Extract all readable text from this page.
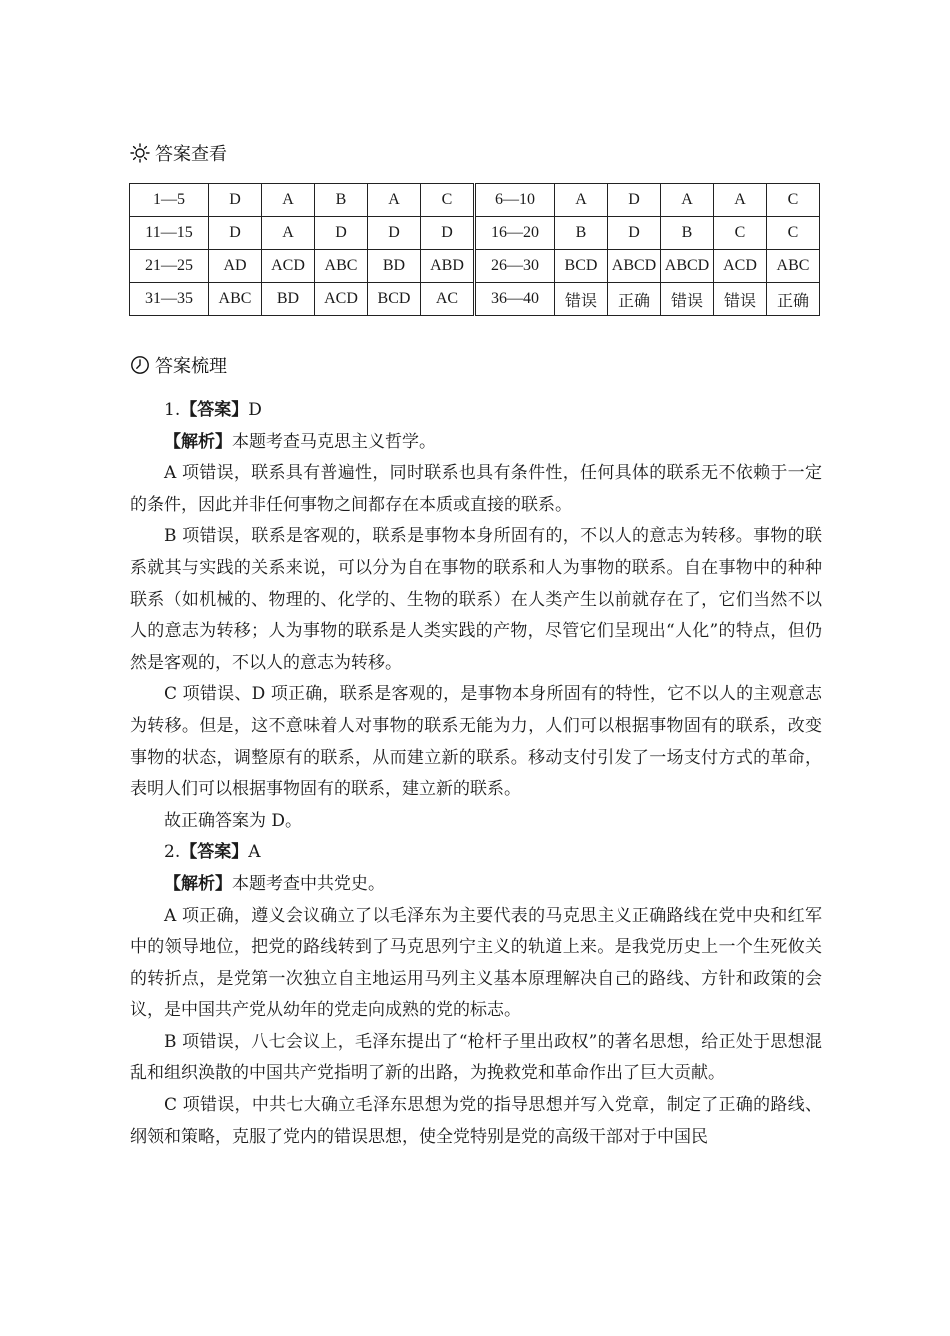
答案查看
1—5	D	A	B	A	C	6—10	A	D	A	A	C
11—15	D	A	D	D	D	16—20	B	D	B	C	C
21—25	AD	ACD	ABC	BD	ABD	26—30	BCD	ABCD	ABCD	ACD	ABC
31—35	ABC	BD	ACD	BCD	AC	36—40	错误	正确	错误	错误	正确
答案梳理

1.【答案】D

【解析】本题考查马克思主义哲学。

A 项错误，联系具有普遍性，同时联系也具有条件性，任何具体的联系无不依赖于一定的条件，因此并非任何事物之间都存在本质或直接的联系。

B 项错误，联系是客观的，联系是事物本身所固有的，不以人的意志为转移。事物的联系就其与实践的关系来说，可以分为自在事物的联系和人为事物的联系。自在事物中的种种联系（如机械的、物理的、化学的、生物的联系）在人类产生以前就存在了，它们当然不以人的意志为转移；人为事物的联系是人类实践的产物，尽管它们呈现出“人化”的特点，但仍然是客观的，不以人的意志为转移。

C 项错误、D 项正确，联系是客观的，是事物本身所固有的特性，它不以人的主观意志为转移。但是，这不意味着人对事物的联系无能为力，人们可以根据事物固有的联系，改变事物的状态，调整原有的联系，从而建立新的联系。移动支付引发了一场支付方式的革命，表明人们可以根据事物固有的联系，建立新的联系。

故正确答案为 D。

2.【答案】A

【解析】本题考查中共党史。

A 项正确，遵义会议确立了以毛泽东为主要代表的马克思主义正确路线在党中央和红军中的领导地位，把党的路线转到了马克思列宁主义的轨道上来。是我党历史上一个生死攸关的转折点，是党第一次独立自主地运用马列主义基本原理解决自己的路线、方针和政策的会议，是中国共产党从幼年的党走向成熟的党的标志。

B 项错误，八七会议上，毛泽东提出了“枪杆子里出政权”的著名思想，给正处于思想混乱和组织涣散的中国共产党指明了新的出路，为挽救党和革命作出了巨大贡献。

C 项错误，中共七大确立毛泽东思想为党的指导思想并写入党章，制定了正确的路线、纲领和策略，克服了党内的错误思想，使全党特别是党的高级干部对于中国民
